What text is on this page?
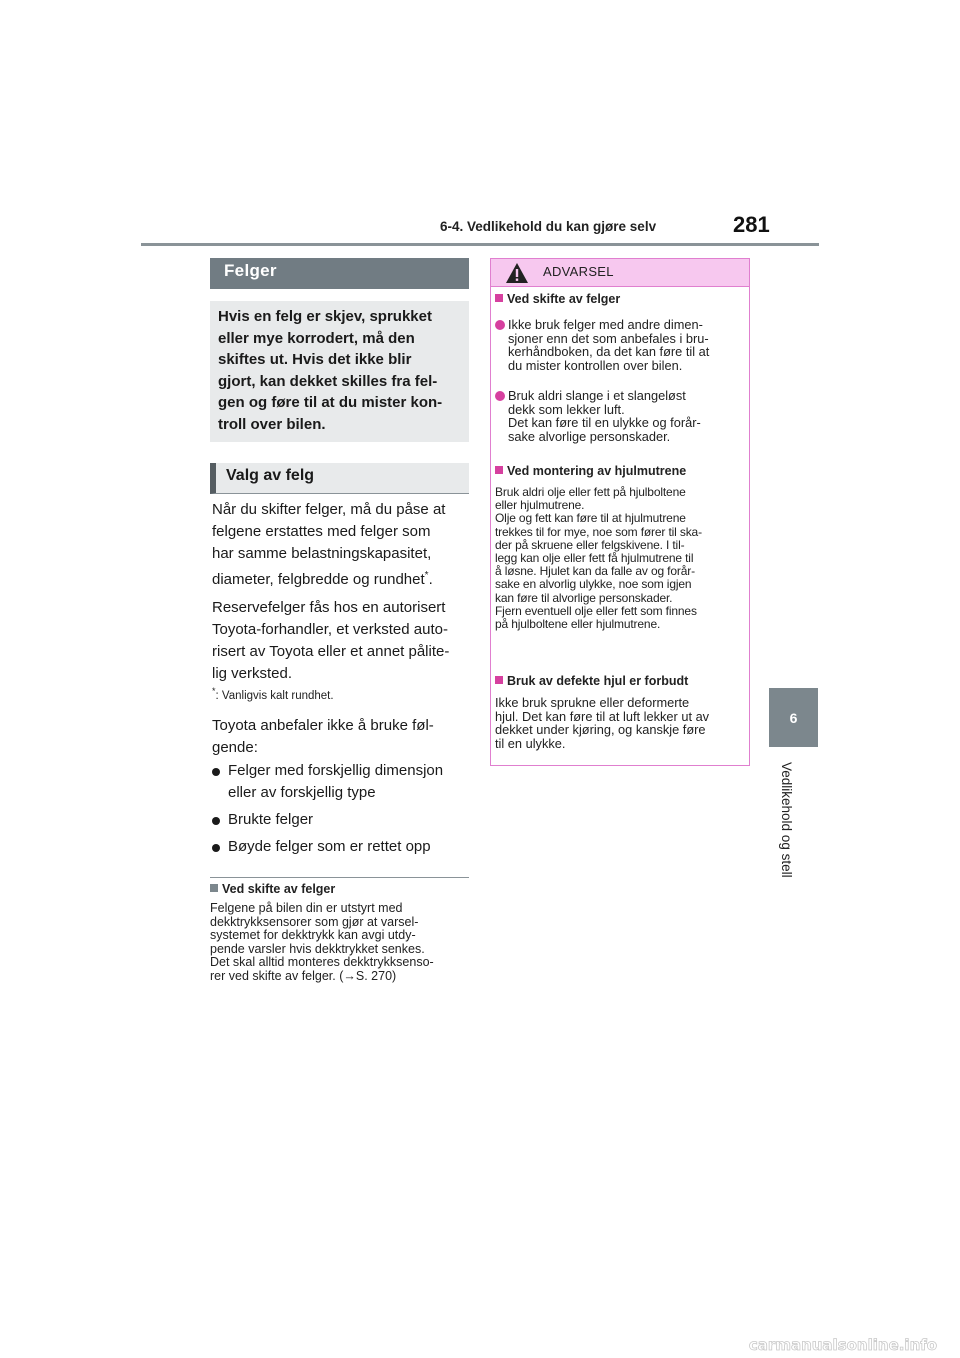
6-4. Vedlikehold du kan gjøre selv	281
6
Vedlikehold og stell
Felger
Hvis en felg er skjev, sprukket
eller mye korrodert, må den
skiftes ut. Hvis det ikke blir
gjort, kan dekket skilles fra fel-
gen og føre til at du mister kon-
troll over bilen.
Valg av felg
Når du skifter felger, må du påse at
felgene erstattes med felger som
har samme belastningskapasitet,
diameter, felgbredde og rundhet*.
Reservefelger fås hos en autorisert
Toyota-forhandler, et verksted auto-
risert av Toyota eller et annet pålite-
lig verksted.
*: Vanligvis kalt rundhet.
Toyota anbefaler ikke å bruke føl-
gende:
Felger med forskjellig dimensjon
eller av forskjellig type
Brukte felger
Bøyde felger som er rettet opp
Ved skifte av felger
Felgene på bilen din er utstyrt med
dekktrykksensorer som gjør at varsel-
systemet for dekktrykk kan avgi utdy-
pende varsler hvis dekktrykket senkes.
Det skal alltid monteres dekktrykksenso-
rer ved skifte av felger. (→S. 270)
ADVARSEL
Ved skifte av felger
Ikke bruk felger med andre dimen-
sjoner enn det som anbefales i bru-
kerhåndboken, da det kan føre til at
du mister kontrollen over bilen.
Bruk aldri slange i et slangeløst
dekk som lekker luft.
Det kan føre til en ulykke og forår-
sake alvorlige personskader.
Ved montering av hjulmutrene
Bruk aldri olje eller fett på hjulboltene
eller hjulmutrene.
Olje og fett kan føre til at hjulmutrene
trekkes til for mye, noe som fører til ska-
der på skruene eller felgskivene. I til-
legg kan olje eller fett få hjulmutrene til
å løsne. Hjulet kan da falle av og forår-
sake en alvorlig ulykke, noe som igjen
kan føre til alvorlige personskader.
Fjern eventuell olje eller fett som finnes
på hjulboltene eller hjulmutrene.
Bruk av defekte hjul er forbudt
Ikke bruk sprukne eller deformerte
hjul. Det kan føre til at luft lekker ut av
dekket under kjøring, og kanskje føre
til en ulykke.
carmanualsonline.info
